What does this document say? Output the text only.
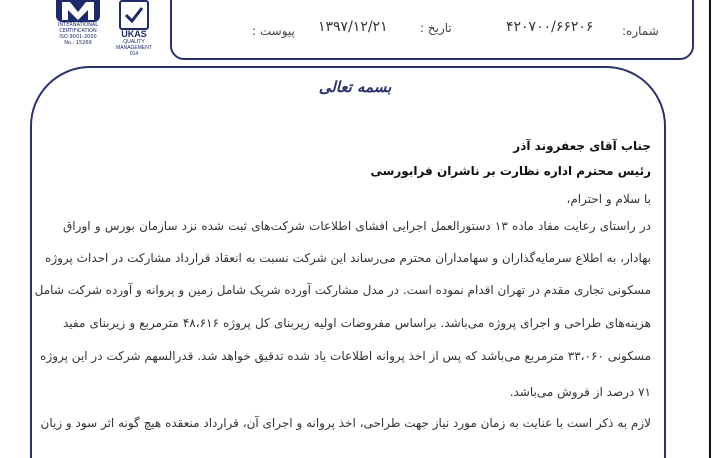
INTERNATIONAL
CERTIFICATION
ISO 9001-2000
No.: 15269
UKAS
QUALITY
MANAGEMENT
014
شماره:
۴۲۰۷۰۰/۶۶۲۰۶
تاریخ :
۱۳۹۷/۱۲/۲۱
پیوست :
بسمه تعالی
جناب آقای جعفروند آذر
رئیس محترم اداره نظارت بر ناشران فرابورسی
با سلام و احترام،
در راستای رعایت مفاد ماده ۱۳ دستورالعمل اجرایی افشای اطلاعات شرکت‌های ثبت شده نزد سازمان بورس و اوراق
بهادار، به اطلاع سرمایه‌گذاران و سهامداران محترم می‌رساند این شرکت نسبت به انعقاد قرارداد مشارکت در احداث پروژه
مسکونی تجاری مقدم در تهران اقدام نموده است. در مدل مشارکت آورده شریک شامل زمین و پروانه و آورده شرکت شامل
هزینه‌های طراحی و اجرای پروژه می‌باشد. براساس مفروضات اولیه زیربنای کل پروژه ۴۸،۶۱۶ مترمربع و زیربنای مفید
مسکونی ۳۳،۰۶۰ مترمربع می‌باشد که پس از اخذ پروانه اطلاعات یاد شده تدقیق خواهد شد. قدرالسهم شرکت در این پروژه
۷۱ درصد از فروش می‌باشد.
لازم به ذکر است با عنایت به زمان مورد نیاز جهت طراحی، اخذ پروانه و اجرای آن، قرارداد منعقده هیچ گونه اثر سود و زیان
